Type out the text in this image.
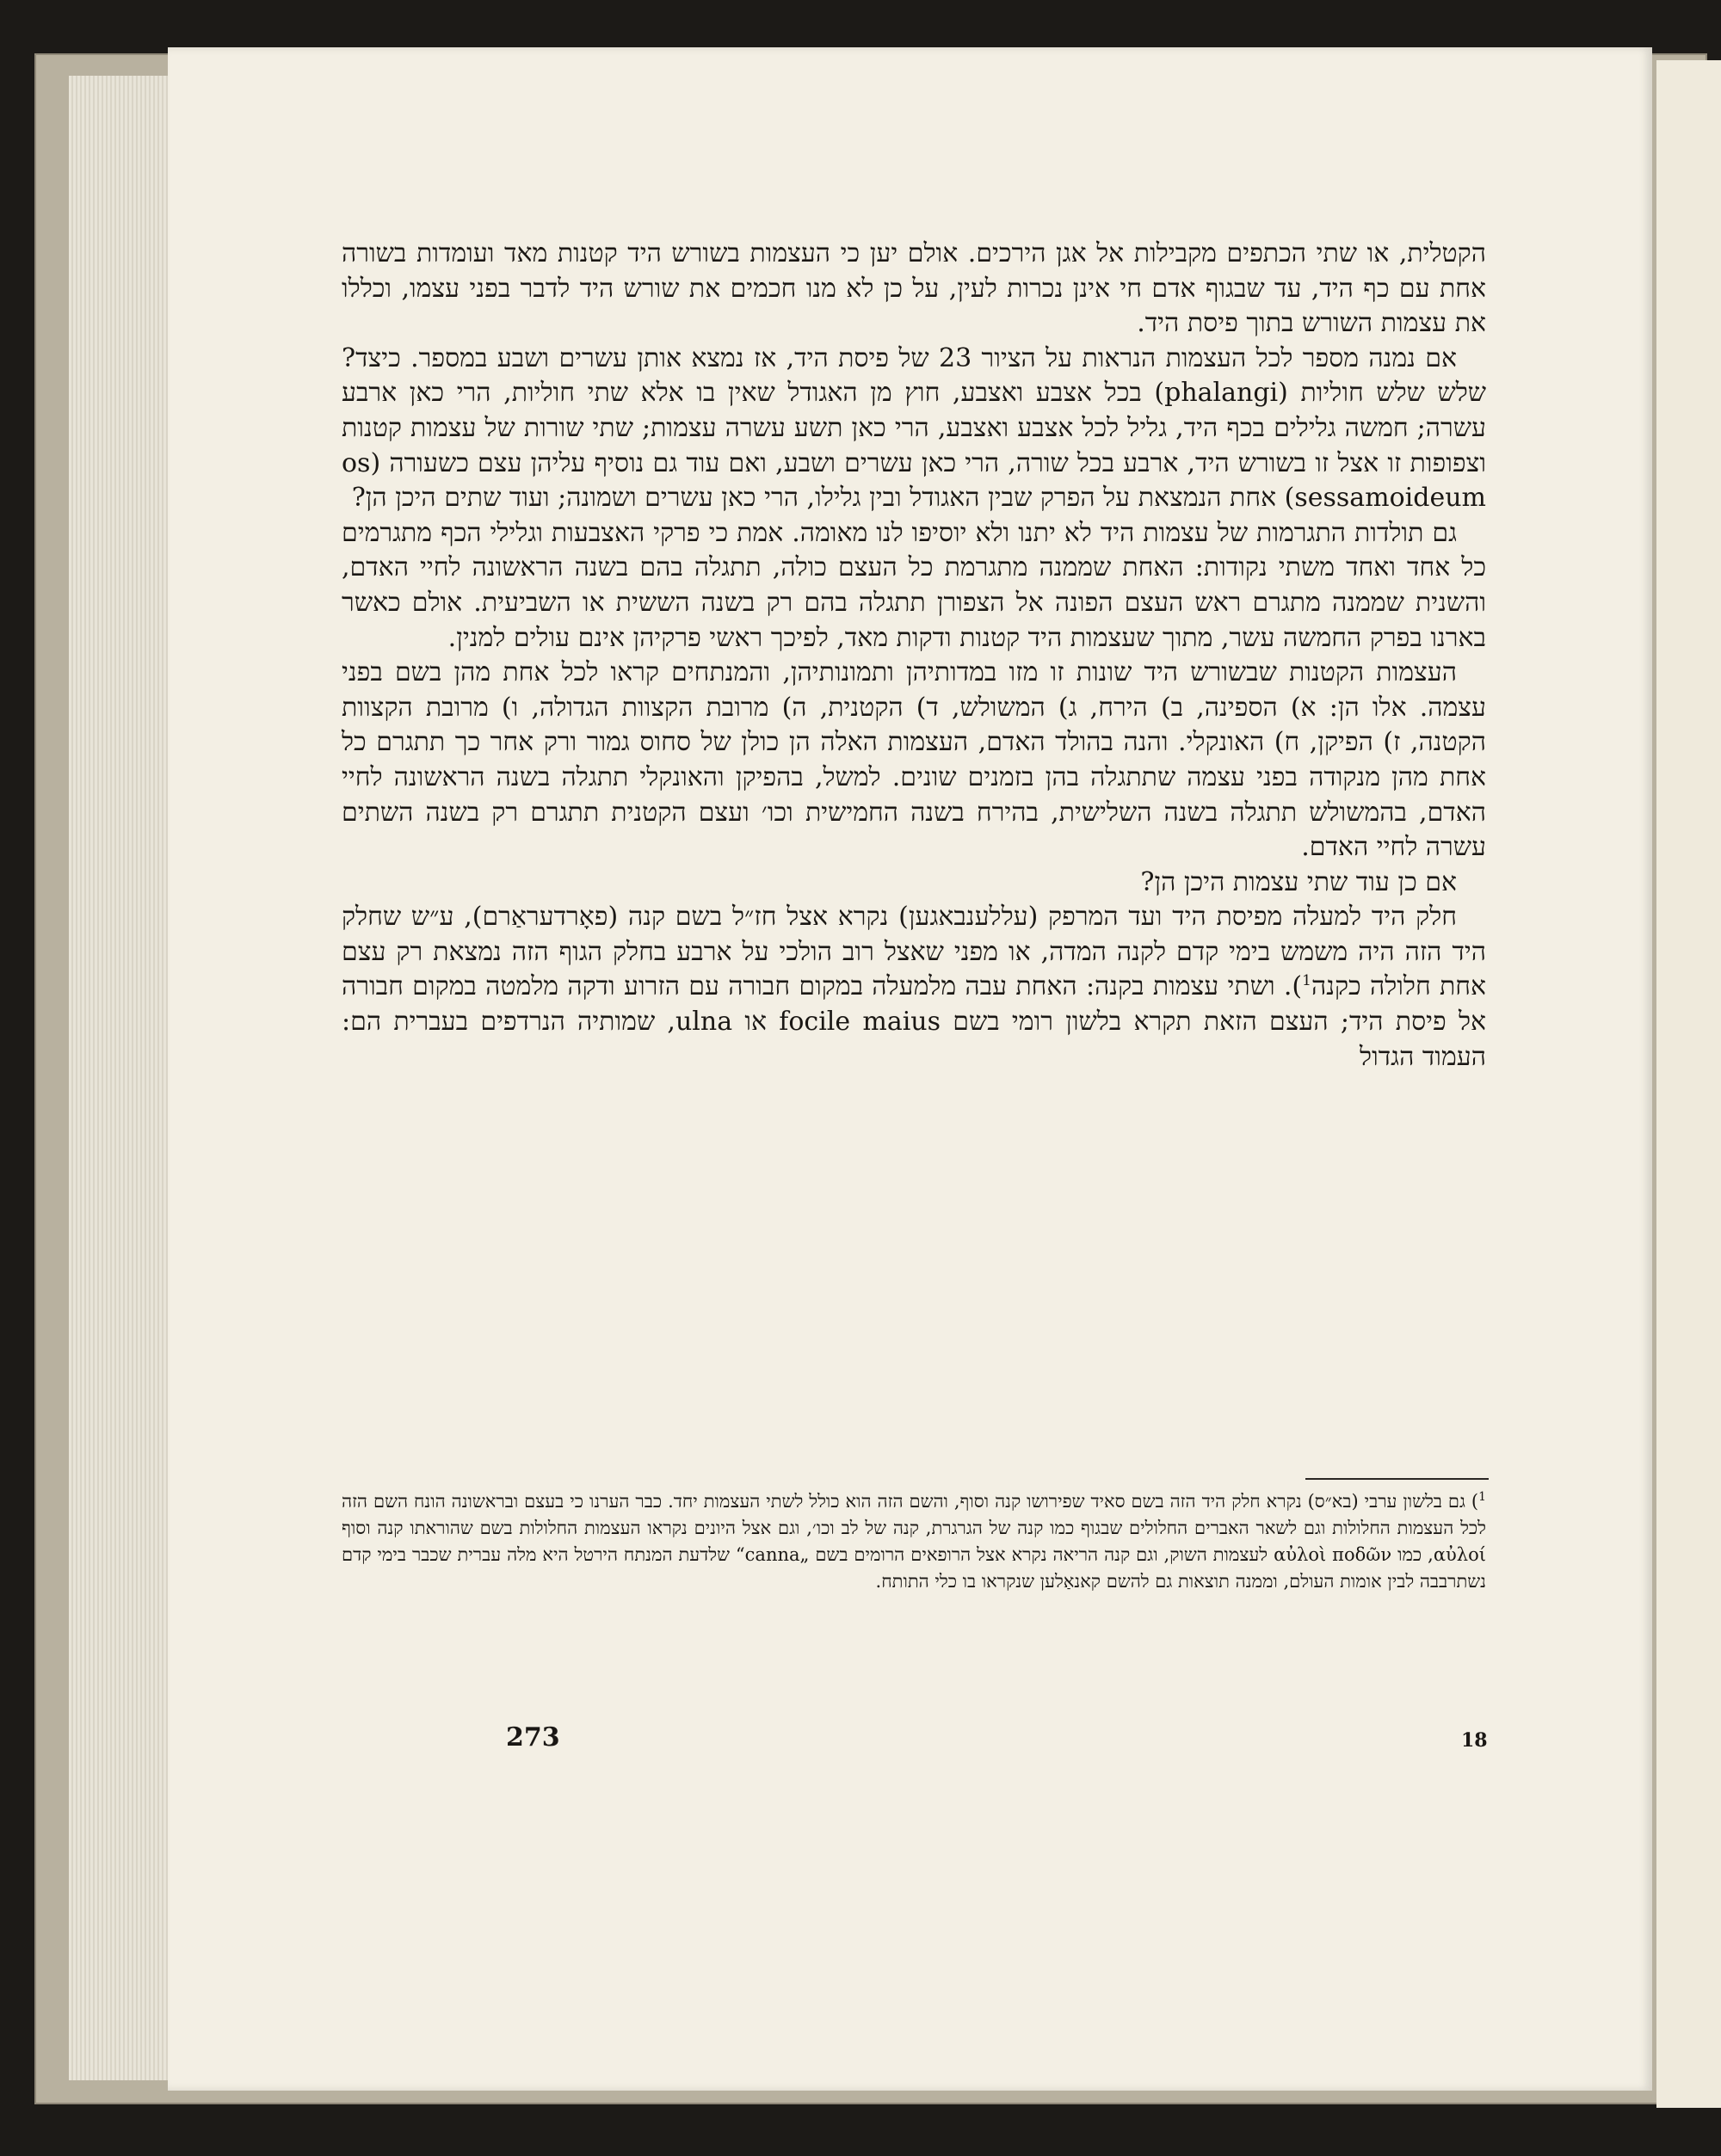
הקטלית, או שתי הכתפים מקבילות אל אגן הירכים. אולם יען כי העצמות בשורש היד קטנות מאד ועומדות בשורה אחת עם כף היד, עד שבגוף אדם חי אינן נכרות לעין, על כן לא מנו חכמים את שורש היד לדבר בפני עצמו, וכללו את עצמות השורש בתוך פיסת היד.

אם נמנה מספר לכל העצמות הנראות על הציור 23 של פיסת היד, אז נמצא אותן עשרים ושבע במספר. כיצד? שלש שלש חוליות (phalangi) בכל אצבע ואצבע, חוץ מן האגודל שאין בו אלא שתי חוליות, הרי כאן ארבע עשרה; חמשה גלילים בכף היד, גליל לכל אצבע ואצבע, הרי כאן תשע עשרה עצמות; שתי שורות של עצמות קטנות וצפופות זו אצל זו בשורש היד, ארבע בכל שורה, הרי כאן עשרים ושבע, ואם עוד גם נוסיף עליהן עצם כשעורה (os sessamoideum) אחת הנמצאת על הפרק שבין האגודל ובין גלילו, הרי כאן עשרים ושמונה; ועוד שתים היכן הן?

גם תולדות התגרמות של עצמות היד לא יתנו ולא יוסיפו לנו מאומה. אמת כי פרקי האצבעות וגלילי הכף מתגרמים כל אחד ואחד משתי נקודות: האחת שממנה מתגרמת כל העצם כולה, תתגלה בהם בשנה הראשונה לחיי האדם, והשנית שממנה מתגרם ראש העצם הפונה אל הצפורן תתגלה בהם רק בשנה הששית או השביעית. אולם כאשר בארנו בפרק החמשה עשר, מתוך שעצמות היד קטנות ודקות מאד, לפיכך ראשי פרקיהן אינם עולים למנין.

העצמות הקטנות שבשורש היד שונות זו מזו במדותיהן ותמונותיהן, והמנתחים קראו לכל אחת מהן בשם בפני עצמה. אלו הן: א) הספינה, ב) הירח, ג) המשולש, ד) הקטנית, ה) מרובת הקצוות הגדולה, ו) מרובת הקצוות הקטנה, ז) הפיקן, ח) האונקלי. והנה בהולד האדם, העצמות האלה הן כולן של סחוס גמור ורק אחר כך תתגרם כל אחת מהן מנקודה בפני עצמה שתתגלה בהן בזמנים שונים. למשל, בהפיקן והאונקלי תתגלה בשנה הראשונה לחיי האדם, בהמשולש תתגלה בשנה השלישית, בהירח בשנה החמישית וכו׳ ועצם הקטנית תתגרם רק בשנה השתים עשרה לחיי האדם.

אם כן עוד שתי עצמות היכן הן?

חלק היד למעלה מפיסת היד ועד המרפק (עללענבאגען) נקרא אצל חז״ל בשם קנה (פאָרדעראַרם), ע״ש שחלק היד הזה היה משמש בימי קדם לקנה המדה, או מפני שאצל רוב הולכי על ארבע בחלק הגוף הזה נמצאת רק עצם אחת חלולה כקנה$^1$). ושתי עצמות בקנה: האחת עבה מלמעלה במקום חבורה עם הזרוע ודקה מלמטה במקום חבורה אל פיסת היד; העצם הזאת תקרא בלשון רומי בשם focile maius או ulna, שמותיה הנרדפים בעברית הם: העמוד הגדול

$^1$) גם בלשון ערבי (בא״ס) נקרא חלק היד הזה בשם סאיד שפירושו קנה וסוף, והשם הזה הוא כולל לשתי העצמות יחד. כבר הערנו כי בעצם ובראשונה הונח השם הזה לכל העצמות החלולות וגם לשאר האברים החלולים שבגוף כמו קנה של הגרגרת, קנה של לב וכו׳, וגם אצל היונים נקראו העצמות החלולות בשם שהוראתו קנה וסוף αὐλοί, כמו αὐλοὶ ποδῶν לעצמות השוק, וגם קנה הריאה נקרא אצל הרופאים הרומים בשם „canna“ שלדעת המנתח הירטל היא מלה עברית שכבר בימי קדם נשתרבבה לבין אומות העולם, וממנה תוצאות גם להשם קאנאַלען שנקראו בו כלי התותח.

273	18
